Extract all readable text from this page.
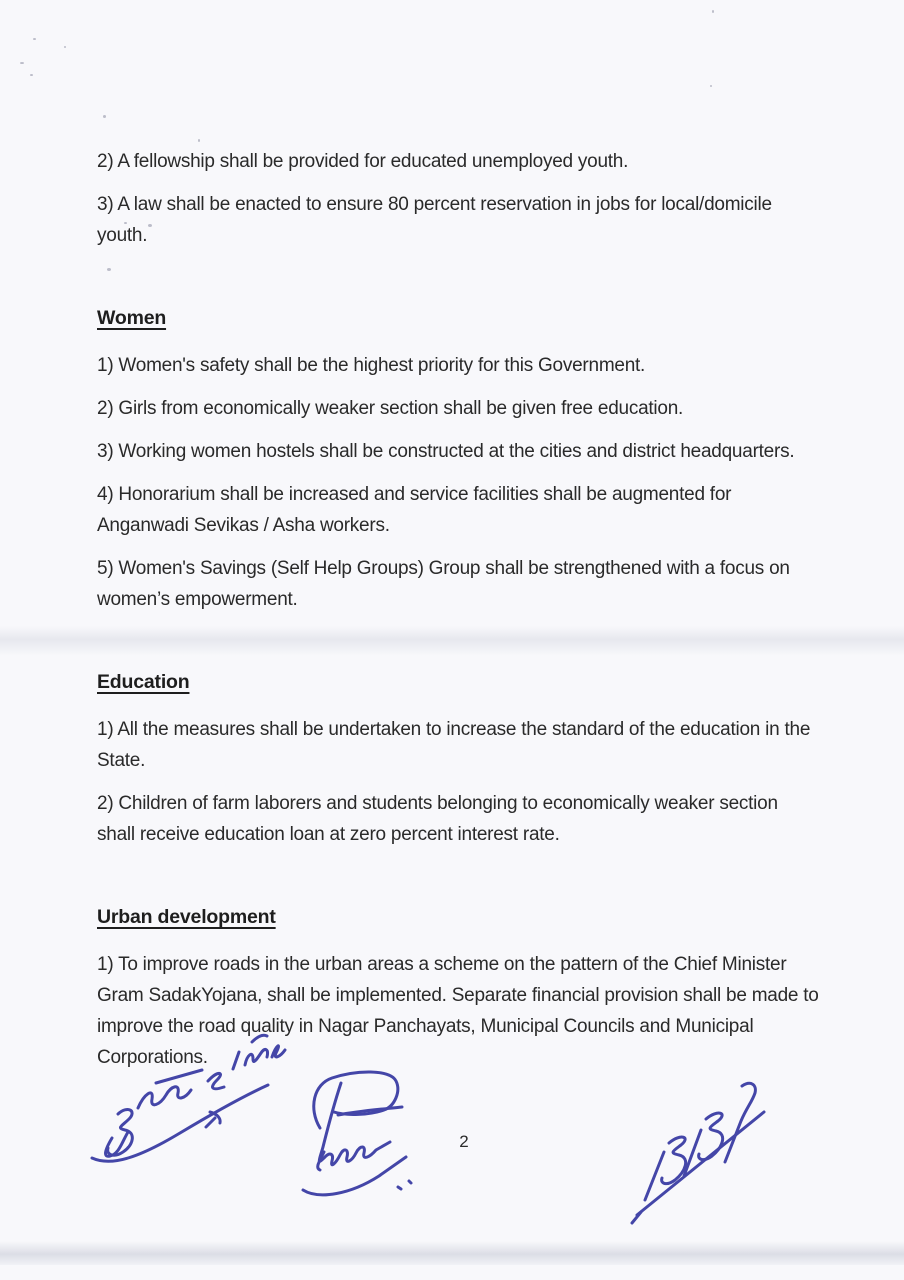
2) A fellowship shall be provided for educated unemployed youth.

3) A law shall be enacted to ensure 80 percent reservation in jobs for local/domicile
youth.

Women

1) Women's safety shall be the highest priority for this Government.

2) Girls from economically weaker section shall be given free education.

3) Working women hostels shall be constructed at the cities and district headquarters.

4) Honorarium shall be increased and service facilities shall be augmented for
Anganwadi Sevikas / Asha workers.

5) Women's Savings (Self Help Groups) Group shall be strengthened with a focus on
women’s empowerment.

Education

1) All the measures shall be undertaken to increase the standard of the education in the
State.

2) Children of farm laborers and students belonging to economically weaker section
shall receive education loan at zero percent interest rate.

Urban development

1) To improve roads in the urban areas a scheme on the pattern of the Chief Minister
Gram SadakYojana, shall be implemented. Separate financial provision shall be made to
improve the road quality in Nagar Panchayats, Municipal Councils and Municipal
Corporations.

2
